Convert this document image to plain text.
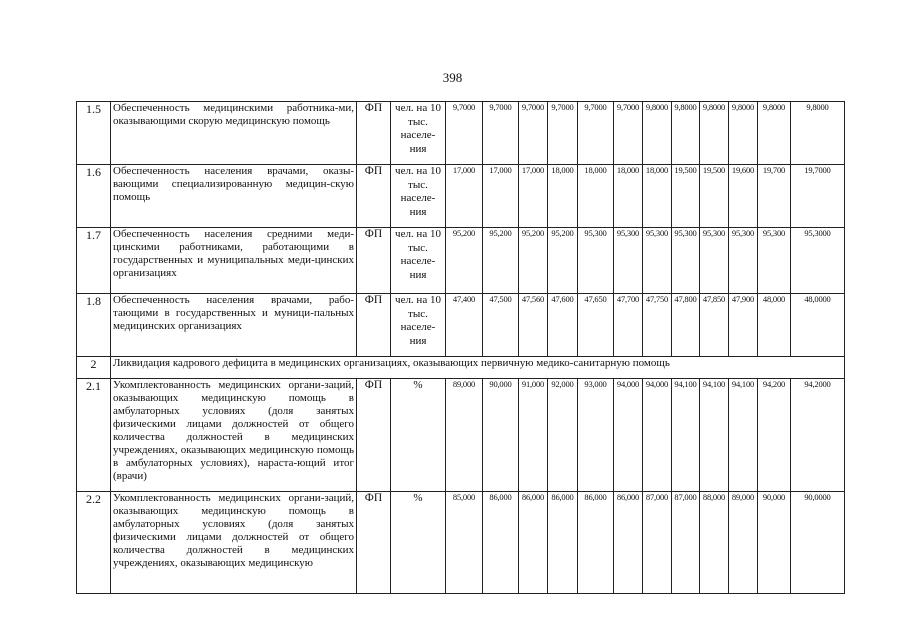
398
1.5	Обеспеченность медицинскими работника-ми, оказывающими скорую медицинскую помощь	ФП	чел. на 10 тыс. населе-ния	9,7000	9,7000	9,7000	9,7000	9,7000	9,7000	9,8000	9,8000	9,8000	9,8000	9,8000	9,8000
1.6	Обеспеченность населения врачами, оказы-вающими специализированную медицин-скую помощь	ФП	чел. на 10 тыс. населе-ния	17,000	17,000	17,000	18,000	18,000	18,000	18,000	19,500	19,500	19,600	19,700	19,7000
1.7	Обеспеченность населения средними меди-цинскими работниками, работающими в государственных и муниципальных меди-цинских организациях	ФП	чел. на 10 тыс. населе-ния	95,200	95,200	95,200	95,200	95,300	95,300	95,300	95,300	95,300	95,300	95,300	95,3000
1.8	Обеспеченность населения врачами, рабо-тающими в государственных и муници-пальных медицинских организациях	ФП	чел. на 10 тыс. населе-ния	47,400	47,500	47,560	47,600	47,650	47,700	47,750	47,800	47,850	47,900	48,000	48,0000
2	Ликвидация кадрового дефицита в медицинских организациях, оказывающих первичную медико-санитарную помощь														
2.1	Укомплектованность медицинских органи-заций, оказывающих медицинскую помощь в амбулаторных условиях (доля занятых физическими лицами должностей от общего количества должностей в медицинских учреждениях, оказывающих медицинскую помощь в амбулаторных условиях), нараста-ющий итог (врачи)	ФП	%	89,000	90,000	91,000	92,000	93,000	94,000	94,000	94,100	94,100	94,100	94,200	94,2000
2.2	Укомплектованность медицинских органи-заций, оказывающих медицинскую помощь в амбулаторных условиях (доля занятых физическими лицами должностей от общего количества должностей в медицинских учреждениях, оказывающих медицинскую	ФП	%	85,000	86,000	86,000	86,000	86,000	86,000	87,000	87,000	88,000	89,000	90,000	90,0000
